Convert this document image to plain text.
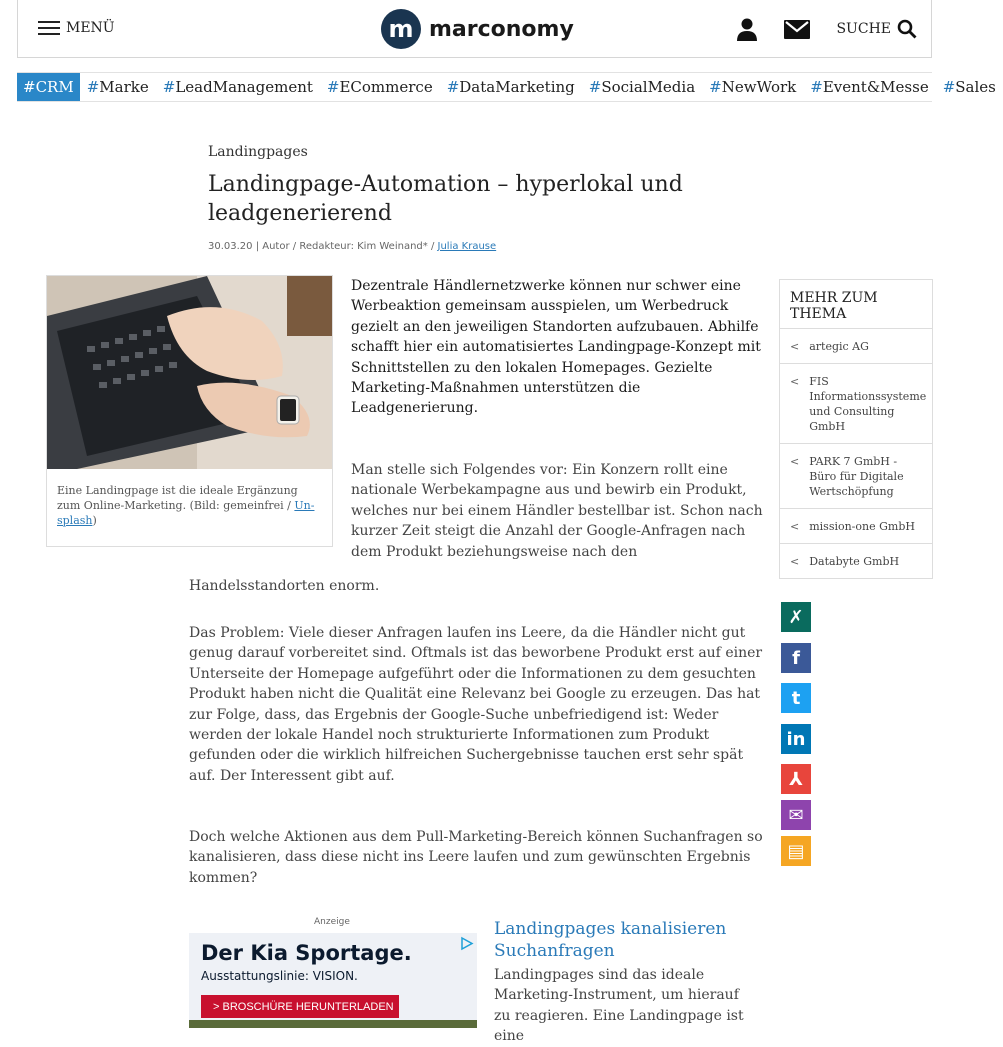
MENÜ	m marconomy	SUCHE
# CRM # Marke # LeadManagement # ECommerce # DataMarketing # SocialMedia # NewWork # Event&Messe # Sales
Landingpages
Landingpage-Automation – hyperlokal und leadgenerierend
30.03.20 | Autor / Redakteur: Kim Weinand* / Julia Krause
Eine Landingpage ist die ideale Ergänzung zum Online-Marketing. (Bild: gemeinfrei / Un-splash)
Dezentrale Händlernetzwerke können nur schwer eine Werbeaktion gemeinsam ausspielen, um Werbedruck gezielt an den jeweiligen Standorten aufzubauen. Abhilfe schafft hier ein automatisiertes Landingpage-Konzept mit Schnittstellen zu den lokalen Homepages. Gezielte Marketing-Maßnahmen unterstützen die Leadgenerierung.
Man stelle sich Folgendes vor: Ein Konzern rollt eine
nationale Werbekampagne aus und bewirb ein Produkt,
welches nur bei einem Händler bestellbar ist. Schon nach
kurzer Zeit steigt die Anzahl der Google-Anfragen nach
dem Produkt beziehungsweise nach den
Handelsstandorten enorm.
Das Problem: Viele dieser Anfragen laufen ins Leere, da die Händler nicht gut genug darauf vorbereitet sind. Oftmals ist das beworbene Produkt erst auf einer Unterseite der Homepage aufgeführt oder die Informationen zu dem gesuchten Produkt haben nicht die Qualität eine Relevanz bei Google zu erzeugen. Das hat zur Folge, dass, das Ergebnis der Google-Suche unbefriedigend ist: Weder werden der lokale Handel noch strukturierte Informationen zum Produkt gefunden oder die wirklich hilfreichen Suchergebnisse tauchen erst sehr spät auf. Der Interessent gibt auf.
Doch welche Aktionen aus dem Pull-Marketing-Bereich können Suchanfragen so kanalisieren, dass diese nicht ins Leere laufen und zum gewünschten Ergebnis kommen?
MEHR ZUM THEMA
< artegic AG
< FIS Informationssysteme und Consulting GmbH
< PARK 7 GmbH - Büro für Digitale Wertschöpfung
< mission-one GmbH
< Databyte GmbH
✗
f
t
in
⅄
✉
▤
Anzeige
Der Kia Sportage.
Ausstattungslinie: VISION.
> BROSCHÜRE HERUNTERLADEN
Landingpages kanalisieren Suchanfragen
Landingpages sind das ideale Marketing-Instrument, um hierauf zu reagieren. Eine Landingpage ist eine
